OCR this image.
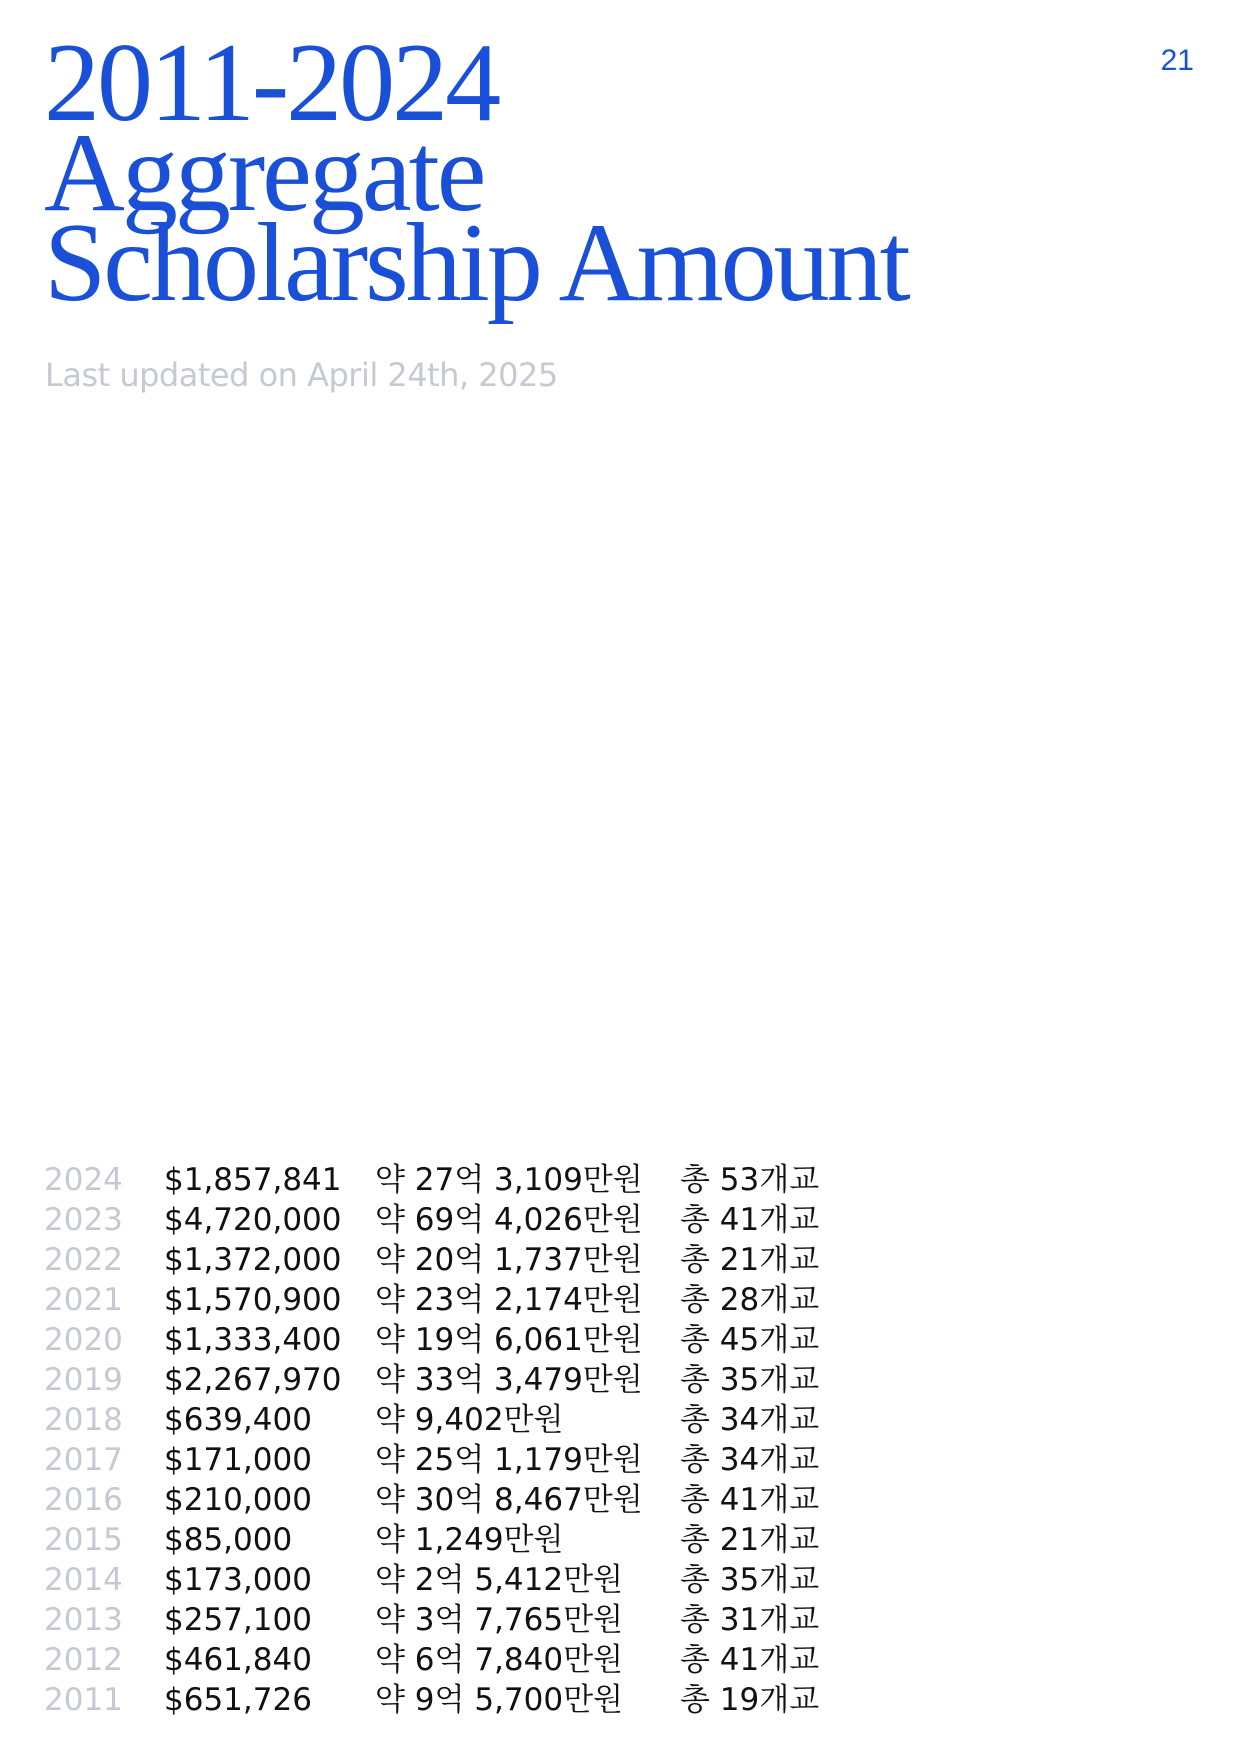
21
2011-2024
Aggregate
Scholarship Amount
Last updated on April 24th, 2025
2024 $1,857,841 약 27억 3,109만원 총 53개교
2023 $4,720,000 약 69억 4,026만원 총 41개교
2022 $1,372,000 약 20억 1,737만원 총 21개교
2021 $1,570,900 약 23억 2,174만원 총 28개교
2020 $1,333,400 약 19억 6,061만원 총 45개교
2019 $2,267,970 약 33억 3,479만원 총 35개교
2018 $639,400 약 9,402만원	총 34개교
2017 $171,000 약 25억 1,179만원 총 34개교
2016 $210,000 약 30억 8,467만원 총 41개교
2015 $85,000	약 1,249만원	총 21개교
2014 $173,000 약 2억 5,412만원 총 35개교
2013 $257,100 약 3억 7,765만원 총 31개교
2012 $461,840 약 6억 7,840만원 총 41개교
2011 $651,726 약 9억 5,700만원 총 19개교
